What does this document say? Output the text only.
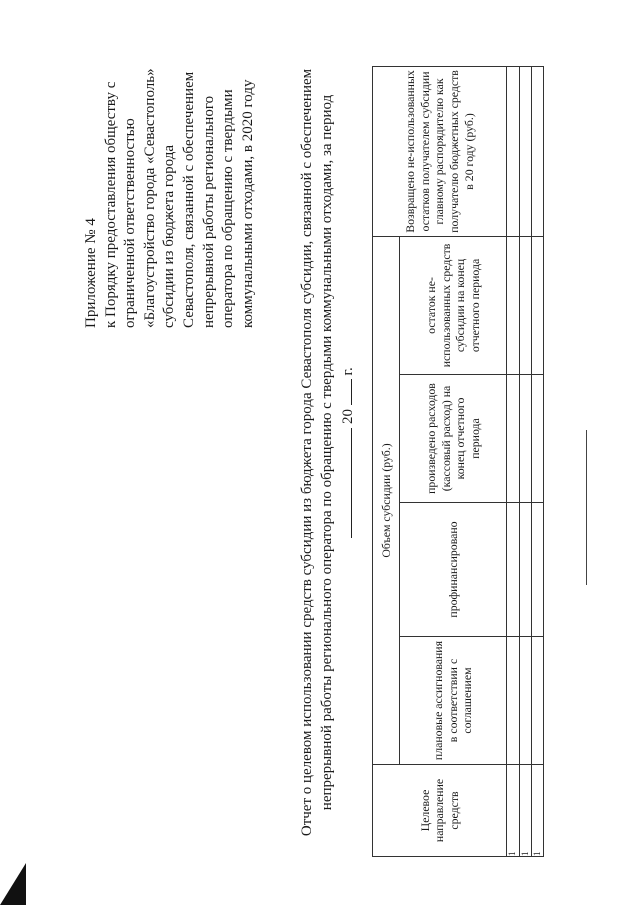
Приложение № 4 к Порядку предоставления обществу с ограниченной ответственностью «Благоустройство города «Севастополь» субсидии из бюджета города Севастополя, связанной с обеспечением непрерывной работы регионального оператора по обращению с твердыми коммунальными отходами, в 2020 году	Отчет о целевом использовании средств субсидии из бюджета города Севастополя субсидии, связанной с обеспечением непрерывной работы регионального оператора по обращению с твердыми коммунальными отходами, за период 20  г.
Целевое направление средств	Объем субсидии (руб.)				Возвращено не-использованных остатков получателем субсидии главному распорядителю как получателю бюджетных средств в 20 году (руб.)
	плановые ассигнования в соответствии с соглашением	профинансировано	произведено расходов (кассовый расход) на конец отчетного периода	остаток не-использованных средств субсидии на конец отчетного периода	
1					
1					
1					
